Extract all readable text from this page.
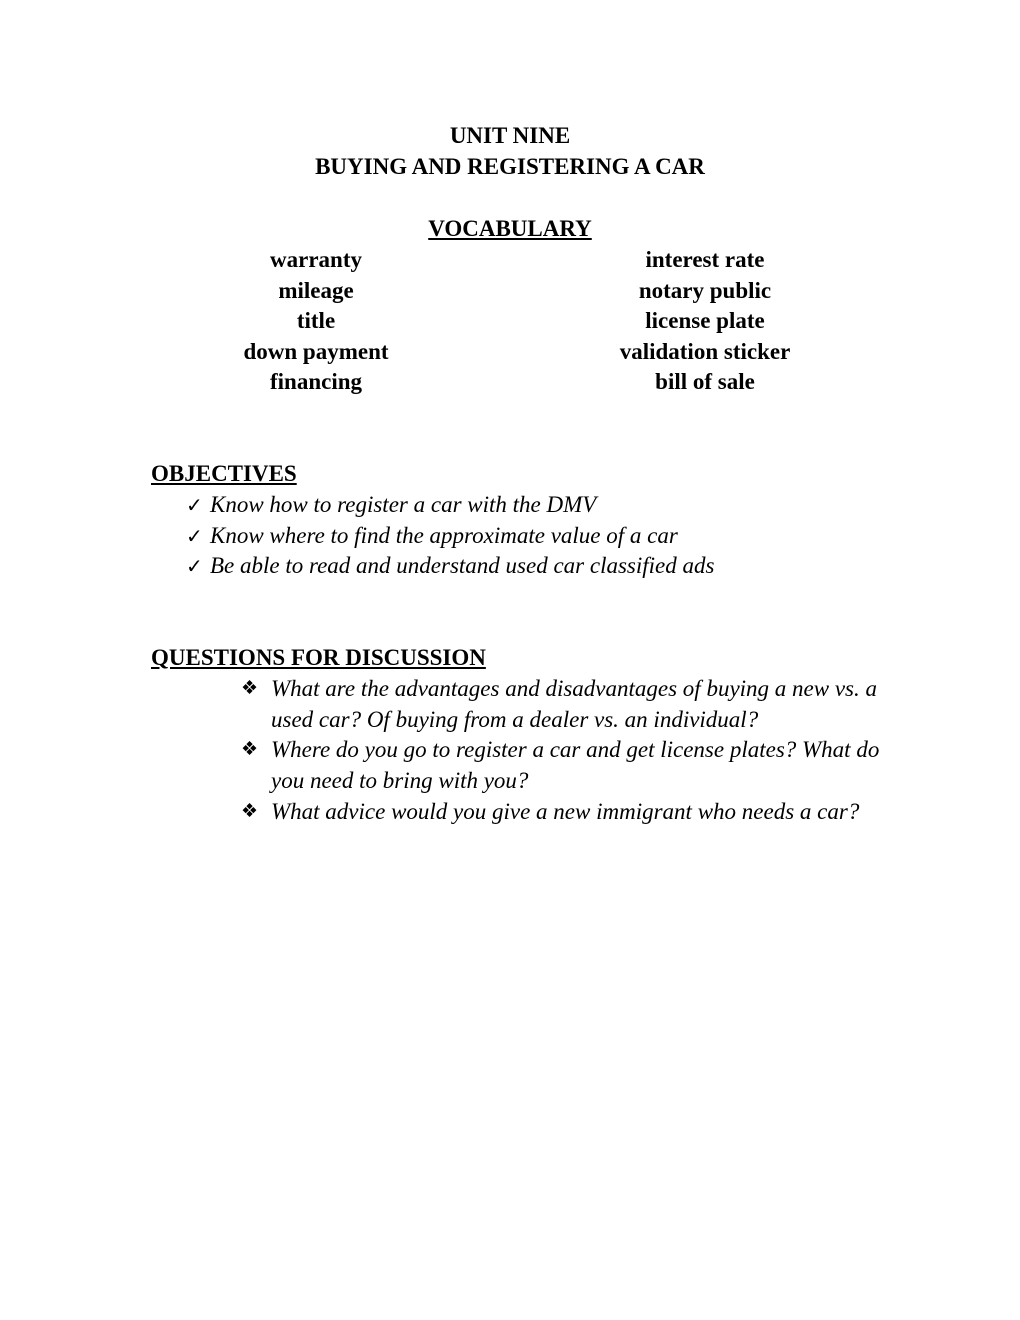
UNIT NINE
BUYING AND REGISTERING A CAR
VOCABULARY
warranty
mileage
title
down payment
financing
interest rate
notary public
license plate
validation sticker
bill of sale
OBJECTIVES
✓ Know how to register a car with the DMV
✓ Know where to find the approximate value of a car
✓ Be able to read and understand used car classified ads
QUESTIONS FOR DISCUSSION
❖ What are the advantages and disadvantages of buying a new vs. a used car? Of buying from a dealer vs. an individual?
❖ Where do you go to register a car and get license plates? What do you need to bring with you?
❖ What advice would you give a new immigrant who needs a car?
